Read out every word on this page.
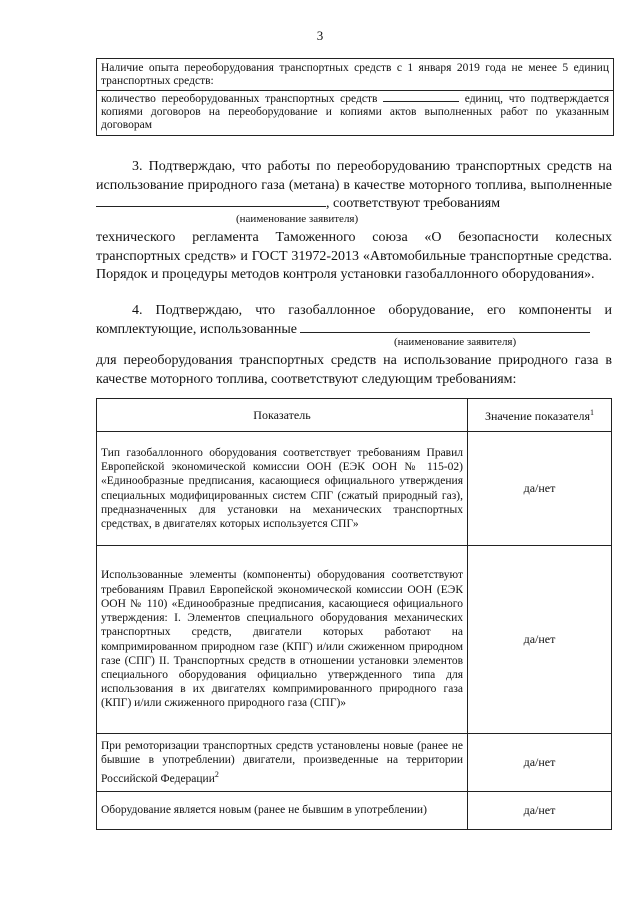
3
Наличие опыта переоборудования транспортных средств с 1 января 2019 года не менее 5 единиц транспортных средств:
количество переоборудованных транспортных средств	единиц, что подтверждается копиями договоров на переоборудование и копиями актов выполненных работ по указанным договорам
3. Подтверждаю, что работы по переоборудованию транспортных средств на использование природного газа (метана) в качестве моторного топлива, выполненные , соответствуют требованиям
(наименование заявителя)
технического регламента Таможенного союза «О безопасности колесных транспортных средств» и ГОСТ 31972-2013 «Автомобильные транспортные средства. Порядок и процедуры методов контроля установки газобаллонного оборудования».
4. Подтверждаю, что газобаллонное оборудование, его компоненты и комплектующие, использованные
(наименование заявителя)
для переоборудования транспортных средств на использование природного газа в качестве моторного топлива, соответствуют следующим требованиям:
Показатель	Значение показателя$^1$
Тип газобаллонного оборудования соответствует требованиям Правил Европейской экономической комиссии ООН (ЕЭК ООН № 115-02) «Единообразные предписания, касающиеся официального утверждения специальных модифицированных систем СПГ (сжатый природный газ), предназначенных для установки на механических транспортных средствах, в двигателях которых используется СПГ»	да/нет
Использованные элементы (компоненты) оборудования соответствуют требованиям Правил Европейской экономической комиссии ООН (ЕЭК ООН № 110) «Единообразные предписания, касающиеся официального утверждения: I. Элементов специального оборудования механических транспортных средств, двигатели которых работают на компримированном природном газе (КПГ) и/или сжиженном природном газе (СПГ) II. Транспортных средств в отношении установки элементов специального оборудования официально утвержденного типа для использования в их двигателях компримированного природного газа (КПГ) и/или сжиженного природного газа (СПГ)»	да/нет
При ремоторизации транспортных средств установлены новые (ранее не бывшие в употреблении) двигатели, произведенные на территории Российской Федерации$^2$	да/нет
Оборудование является новым (ранее не бывшим в употреблении)	да/нет
